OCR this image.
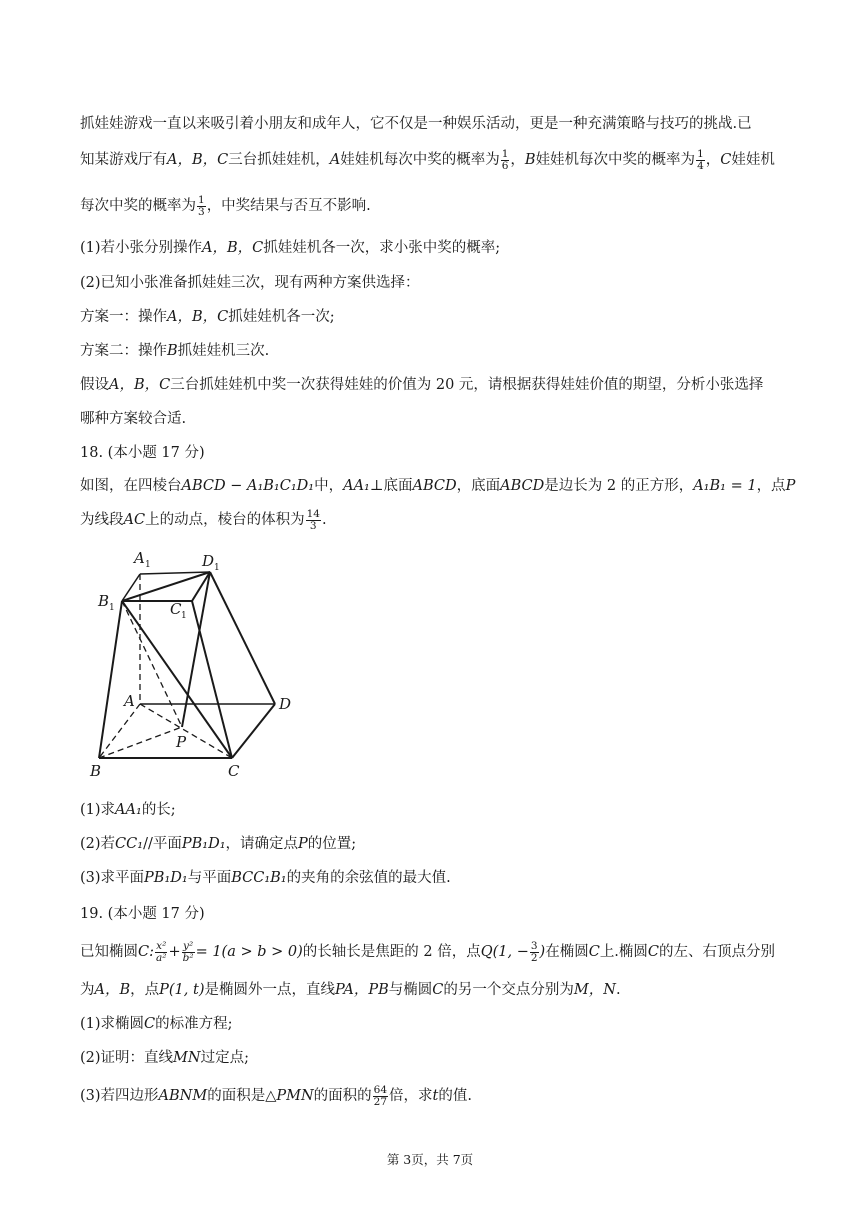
抓娃娃游戏一直以来吸引着小朋友和成年人，它不仅是一种娱乐活动，更是一种充满策略与技巧的挑战.已
知某游戏厅有A，B，C三台抓娃娃机，A娃娃机每次中奖的概率为 $\frac{1}{6}$ ，B娃娃机每次中奖的概率为 $\frac{1}{4}$ ，C娃娃机
每次中奖的概率为 $\frac{1}{3}$ ，中奖结果与否互不影响.
(1)若小张分别操作A，B，C抓娃娃机各一次，求小张中奖的概率;
(2)已知小张准备抓娃娃三次，现有两种方案供选择：
方案一：操作A，B，C抓娃娃机各一次;
方案二：操作B抓娃娃机三次.
假设A，B，C三台抓娃娃机中奖一次获得娃娃的价值为 20 元，请根据获得娃娃价值的期望，分析小张选择
哪种方案较合适.
18. (本小题 17 分)
如图，在四棱台ABCD − A₁B₁C₁D₁中，AA₁⊥底面ABCD，底面ABCD是边长为 2 的正方形，A₁B₁ = 1，点P
为线段AC上的动点，棱台的体积为 $\frac{14}{3}$ .
A 1	D 1
B 1	C 1
A	D
P
B	C
(1)求AA₁的长;
(2)若CC₁//平面PB₁D₁，请确定点P的位置;
(3)求平面PB₁D₁与平面BCC₁B₁的夹角的余弦值的最大值.
19. (本小题 17 分)
已知椭圆C: $\frac{\text{x²}}{\text{a²}} + \frac{\text{y²}}{\text{b²}} = 1(a > b > 0)$的长轴长是焦距的 2 倍，点Q(1, − $\frac{3}{2}$ )在椭圆C上.椭圆C的左、右顶点分别
为A，B，点P(1, t)是椭圆外一点，直线PA，PB与椭圆C的另一个交点分别为M，N.
(1)求椭圆C的标准方程;
(2)证明：直线MN过定点;
(3)若四边形ABNM的面积是△PMN的面积的 $\frac{64}{27}$ 倍，求t的值.
第 3页，共 7页
